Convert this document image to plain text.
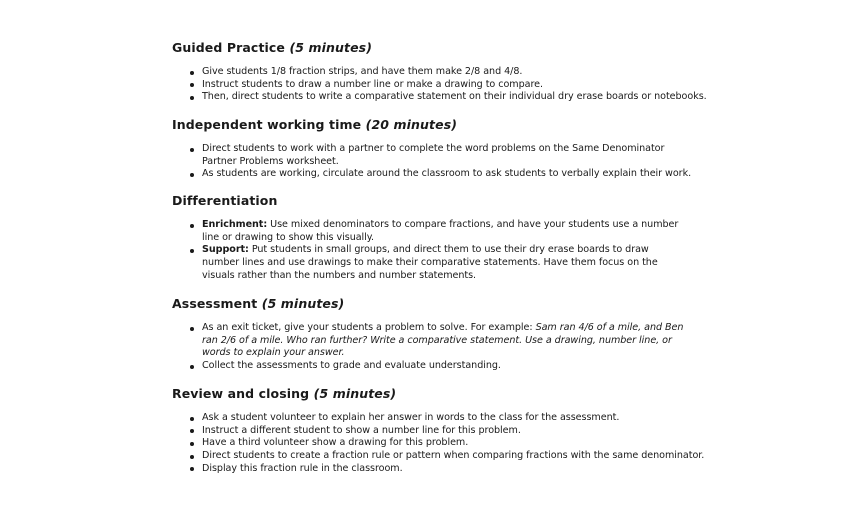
Guided Practice (5 minutes)
Give students 1/8 fraction strips, and have them make 2/8 and 4/8.
Instruct students to draw a number line or make a drawing to compare.
Then, direct students to write a comparative statement on their individual dry erase boards or notebooks.
Independent working time (20 minutes)
Direct students to work with a partner to complete the word problems on the Same Denominator Partner Problems worksheet.
As students are working, circulate around the classroom to ask students to verbally explain their work.
Differentiation
Enrichment: Use mixed denominators to compare fractions, and have your students use a number line or drawing to show this visually.
Support: Put students in small groups, and direct them to use their dry erase boards to draw number lines and use drawings to make their comparative statements. Have them focus on the visuals rather than the numbers and number statements.
Assessment (5 minutes)
As an exit ticket, give your students a problem to solve. For example: Sam ran 4/6 of a mile, and Ben ran 2/6 of a mile. Who ran further? Write a comparative statement. Use a drawing, number line, or words to explain your answer.
Collect the assessments to grade and evaluate understanding.
Review and closing (5 minutes)
Ask a student volunteer to explain her answer in words to the class for the assessment.
Instruct a different student to show a number line for this problem.
Have a third volunteer show a drawing for this problem.
Direct students to create a fraction rule or pattern when comparing fractions with the same denominator.
Display this fraction rule in the classroom.
